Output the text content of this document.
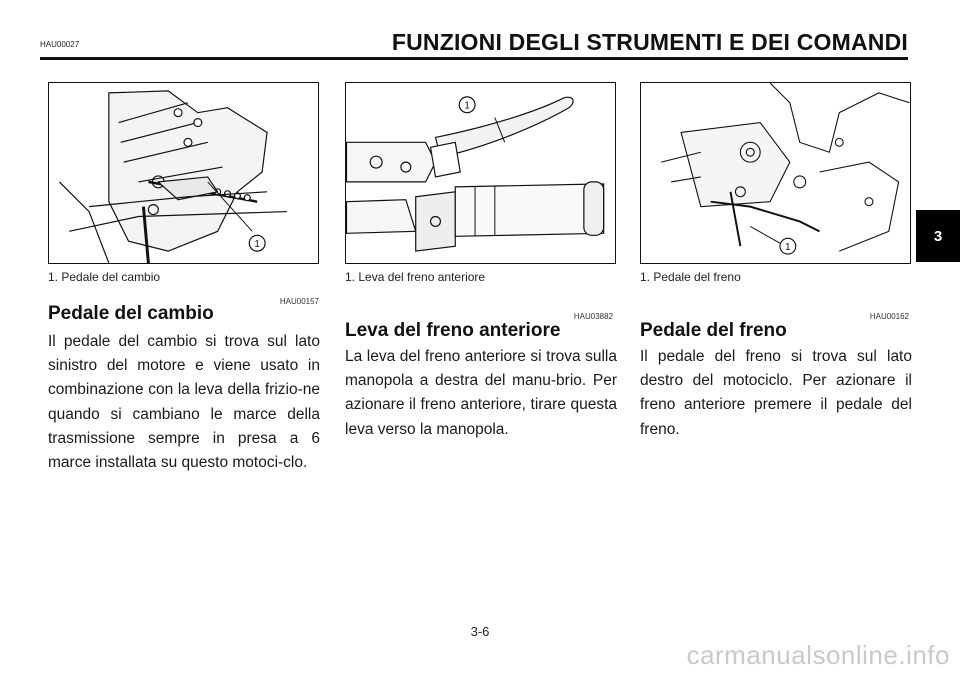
HAU00027	FUNZIONI DEGLI STRUMENTI E DEI COMANDI
1
1
1
1. Pedale del cambio	1. Leva del freno anteriore	1. Pedale del freno
HAU00157
HAU03882	HAU00162
Pedale del cambio
Leva del freno anteriore	Pedale del freno
Il pedale del cambio si trova sul lato sinistro del motore e viene usato in combinazione con la leva della frizio-ne quando si cambiano le marce della trasmissione sempre in presa a 6 marce installata su questo motoci-clo.
La leva del freno anteriore si trova sulla manopola a destra del manu-brio. Per azionare il freno anteriore, tirare questa leva verso la manopola.
Il pedale del freno si trova sul lato destro del motociclo. Per azionare il freno anteriore premere il pedale del freno.
3
3-6
carmanualsonline.info
